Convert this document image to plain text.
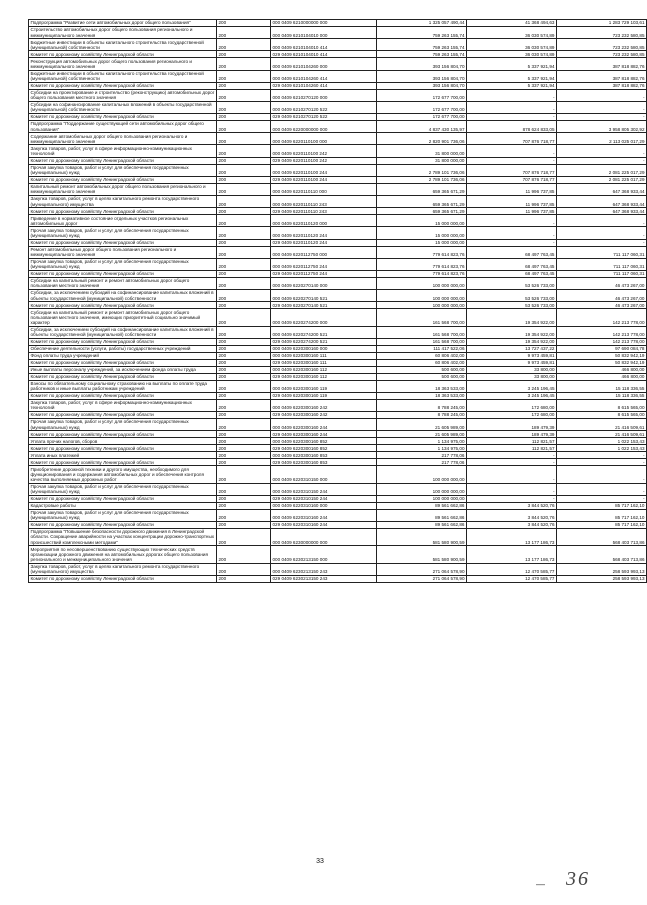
Подпрограмма "Развитие сети автомобильных дорог общего пользования"	200	000 0409 6210000000 000	1 325 057 490,44	41 368 494,63	1 283 729 103,61
Строительство автомобильных дорог общего пользования регионального и межмуниципального значения	200	000 0409 6210104010 000	759 263 155,74	36 030 574,89	723 232 580,85
Бюджетные инвестиции в объекты капитального строительства государственной (муниципальной) собственности	200	000 0409 6210104010 414	759 263 155,74	36 030 574,89	723 232 580,85
Комитет по дорожному хозяйству Ленинградской области	200	029 0409 6210104010 414	759 263 155,74	36 030 574,89	723 232 580,85
Реконструкция автомобильных дорог общего пользования регионального и межмуниципального значения	200	000 0409 6210104260 000	393 156 804,70	5 337 921,94	387 818 882,76
Бюджетные инвестиции в объекты капитального строительства государственной (муниципальной) собственности	200	000 0409 6210104260 414	393 156 804,70	5 337 921,94	387 818 882,76
Комитет по дорожному хозяйству Ленинградской области	200	029 0409 6210104260 414	393 156 804,70	5 337 921,94	387 818 882,76
Субсидии на проектирование и строительство (реконструкцию) автомобильных дорог общего пользования местного значения	200	000 0409 6210270120 000	172 677 700,00	-	-
Субсидии на софинансирование капитальных вложений в объекты государственной (муниципальной) собственности	200	000 0409 6210270120 522	172 677 700,00	-	-
Комитет по дорожному хозяйству Ленинградской области	200	029 0409 6210270120 522	172 677 700,00	-	-
Подпрограмма "Поддержание существующей сети автомобильных дорог общего пользования"	200	000 0409 6220000000 000	4 837 430 135,97	878 624 833,05	3 958 805 302,92
Содержание автомобильных дорог общего пользования регионального и межмуниципального значения	200	000 0409 6220110100 000	2 820 901 736,06	707 876 718,77	2 113 025 017,29
Закупка товаров, работ, услуг в сфере информационно-коммуникационных технологий	200	000 0409 6220110100 242	31 800 000,00	-	-
Комитет по дорожному хозяйству Ленинградской области	200	029 0409 6220110100 242	31 800 000,00	-	-
Прочая закупка товаров, работ и услуг для обеспечения государственных (муниципальных) нужд	200	000 0409 6220110100 244	2 789 101 736,06	707 876 718,77	2 081 225 017,29
Комитет по дорожному хозяйству Ленинградской области	200	029 0409 6220110100 244	2 789 101 736,06	707 876 718,77	2 081 225 017,29
Капитальный ремонт автомобильных дорог общего пользования регионального и межмуниципального значения	200	000 0409 6220110110 000	659 365 671,29	11 996 737,85	647 368 933,44
Закупка товаров, работ, услуг в целях капитального ремонта государственного (муниципального) имущества	200	000 0409 6220110110 243	659 365 671,29	11 996 737,85	647 368 933,44
Комитет по дорожному хозяйству Ленинградской области	200	029 0409 6220110110 243	659 365 671,29	11 996 737,85	647 368 933,44
Приведение в нормативное состояние отдельных участков региональных автомобильных дорог	200	000 0409 6220110120 000	15 000 000,00	-	-
Прочая закупка товаров, работ и услуг для обеспечения государственных (муниципальных) нужд	200	000 0409 6220110120 244	15 000 000,00	-	-
Комитет по дорожному хозяйству Ленинградской области	200	029 0409 6220110120 244	15 000 000,00	-	-
Ремонт автомобильных дорог общего пользования регионального и межмуниципального значения	200	000 0409 6220112750 000	779 614 823,76	68 497 763,45	711 117 060,31
Прочая закупка товаров, работ и услуг для обеспечения государственных (муниципальных) нужд	200	000 0409 6220112750 244	779 614 823,76	68 497 763,45	711 117 060,31
Комитет по дорожному хозяйству Ленинградской области	200	029 0409 6220112750 244	779 614 823,76	68 497 763,45	711 117 060,31
Субсидии на капитальный ремонт и ремонт автомобильных дорог общего пользования местного значения	200	000 0409 6220270140 000	100 000 000,00	53 526 733,00	46 473 267,00
Субсидии, за исключением субсидий на софинансирование капитальных вложений в объекты государственной (муниципальной) собственности	200	000 0409 6220270140 521	100 000 000,00	53 526 733,00	46 473 267,00
Комитет по дорожному хозяйству Ленинградской области	200	029 0409 6220270140 521	100 000 000,00	53 526 733,00	46 473 267,00
Субсидии на капитальный ремонт и ремонт автомобильных дорог общего пользования местного значения, имеющих приоритетный социально значимый характер	200	000 0409 6220274200 000	161 568 700,00	19 354 922,00	142 213 778,00
Субсидии, за исключением субсидий на софинансирование капитальных вложений в объекты государственной (муниципальной) собственности	200	000 0409 6220274200 521	161 568 700,00	19 354 922,00	142 213 778,00
Комитет по дорожному хозяйству Ленинградской области	200	029 0409 6220274200 521	161 568 700,00	19 354 922,00	142 213 778,00
Обеспечение деятельности (услуги, работы) государственных учреждений	200	000 0409 6220300160 000	111 417 522,06	13 727 437,22	97 690 084,78
Фонд оплаты труда учреждений	200	000 0409 6220300160 111	60 806 402,00	9 973 459,81	50 832 942,19
Комитет по дорожному хозяйству Ленинградской области	200	029 0409 6220300160 111	60 806 402,00	9 973 459,81	50 832 942,19
Иные выплаты персоналу учреждений, за исключением фонда оплаты труда	200	000 0409 6220300160 112	500 600,00	33 800,00	466 800,00
Комитет по дорожному хозяйству Ленинградской области	200	029 0409 6220300160 112	500 600,00	33 800,00	466 800,00
Взносы по обязательному социальному страхованию на выплаты по оплате труда работников и иные выплаты работникам учреждений	200	000 0409 6220300160 119	18 363 533,00	3 245 196,45	15 118 336,55
Комитет по дорожному хозяйству Ленинградской области	200	029 0409 6220300160 119	18 363 533,00	3 245 196,45	15 118 336,55
Закупка товаров, работ, услуг в сфере информационно-коммуникационных технологий	200	000 0409 6220300160 242	8 788 245,00	172 680,00	8 615 565,00
Комитет по дорожному хозяйству Ленинградской области	200	029 0409 6220300160 242	8 788 245,00	172 680,00	8 615 565,00
Прочая закупка товаров, работ и услуг для обеспечения государственных (муниципальных) нужд	200	000 0409 6220300160 244	21 605 989,00	189 479,39	21 416 509,61
Комитет по дорожному хозяйству Ленинградской области	200	029 0409 6220300160 244	21 605 989,00	189 479,39	21 416 509,61
Уплата прочих налогов, сборов	200	000 0409 6220300160 852	1 134 975,00	112 821,57	1 022 153,43
Комитет по дорожному хозяйству Ленинградской области	200	029 0409 6220300160 852	1 134 975,00	112 821,57	1 022 153,43
Уплата иных платежей	200	000 0409 6220300160 853	217 778,06	-	-
Комитет по дорожному хозяйству Ленинградской области	200	029 0409 6220300160 853	217 778,06	-	-
Приобретение дорожной техники и другого имущества, необходимого для функционирования и содержания автомобильных дорог и обеспечения контроля качества выполняемых дорожных работ	200	000 0409 6220310150 000	100 000 000,00	-	-
Прочая закупка товаров, работ и услуг для обеспечения государственных (муниципальных) нужд	200	000 0409 6220310150 244	100 000 000,00	-	-
Комитет по дорожному хозяйству Ленинградской области	200	029 0409 6220310150 244	100 000 000,00	-	-
Кадастровые работы	200	000 0409 6220310160 000	89 561 662,86	3 844 520,76	85 717 162,10
Прочая закупка товаров, работ и услуг для обеспечения государственных (муниципальных) нужд	200	000 0409 6220310160 244	89 561 662,86	3 844 520,76	85 717 162,10
Комитет по дорожному хозяйству Ленинградской области	200	029 0409 6220310160 244	89 561 662,86	3 844 520,76	85 717 162,10
Подпрограмма "Повышение безопасности дорожного движения в Ленинградской области. Сокращение аварийности на участках концентрации дорожно-транспортных происшествий комплексными методами"	200	000 0409 6230000000 000	581 580 900,59	13 177 186,73	568 403 713,86
Мероприятия по несовершенствованию существующих технических средств организации дорожного движения на автомобильных дорогах общего пользования регионального и межмуниципального значения	200	000 0409 6230213150 000	581 580 900,59	13 177 186,73	568 403 713,86
Закупка товаров, работ, услуг в целях капитального ремонта государственного (муниципального) имущества	200	000 0409 6230213150 243	271 064 578,90	12 470 585,77	258 593 993,13
Комитет по дорожному хозяйству Ленинградской области	200	029 0409 6230213150 243	271 064 578,90	12 470 585,77	258 593 993,13
33
— 36
